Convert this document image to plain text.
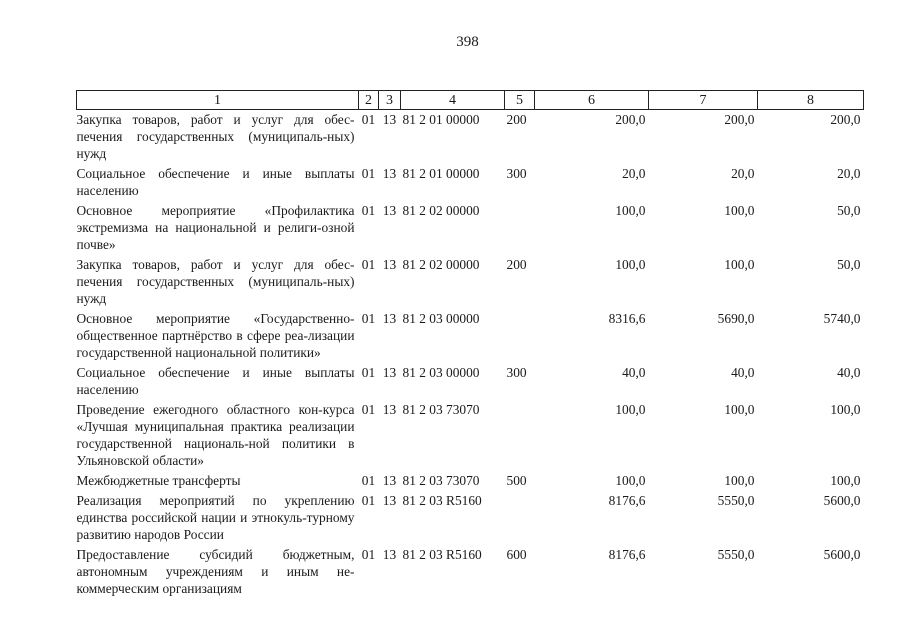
398
1	2	3	4	5	6	7	8
Закупка товаров, работ и услуг для обес-печения государственных (муниципаль-ных) нужд	01	13	81 2 01 00000	200	200,0	200,0	200,0
Социальное обеспечение и иные выплаты населению	01	13	81 2 01 00000	300	20,0	20,0	20,0
Основное мероприятие «Профилактика экстремизма на национальной и религи-озной почве»	01	13	81 2 02 00000		100,0	100,0	50,0
Закупка товаров, работ и услуг для обес-печения государственных (муниципаль-ных) нужд	01	13	81 2 02 00000	200	100,0	100,0	50,0
Основное мероприятие «Государственно-общественное партнёрство в сфере реа-лизации государственной национальной политики»	01	13	81 2 03 00000		8316,6	5690,0	5740,0
Социальное обеспечение и иные выплаты населению	01	13	81 2 03 00000	300	40,0	40,0	40,0
Проведение ежегодного областного кон-курса «Лучшая муниципальная практика реализации государственной националь-ной политики в Ульяновской области»	01	13	81 2 03 73070		100,0	100,0	100,0
Межбюджетные трансферты	01	13	81 2 03 73070	500	100,0	100,0	100,0
Реализация мероприятий по укреплению единства российской нации и этнокуль-турному развитию народов России	01	13	81 2 03 R5160		8176,6	5550,0	5600,0
Предоставление субсидий бюджетным, автономным учреждениям и иным не-коммерческим организациям	01	13	81 2 03 R5160	600	8176,6	5550,0	5600,0
